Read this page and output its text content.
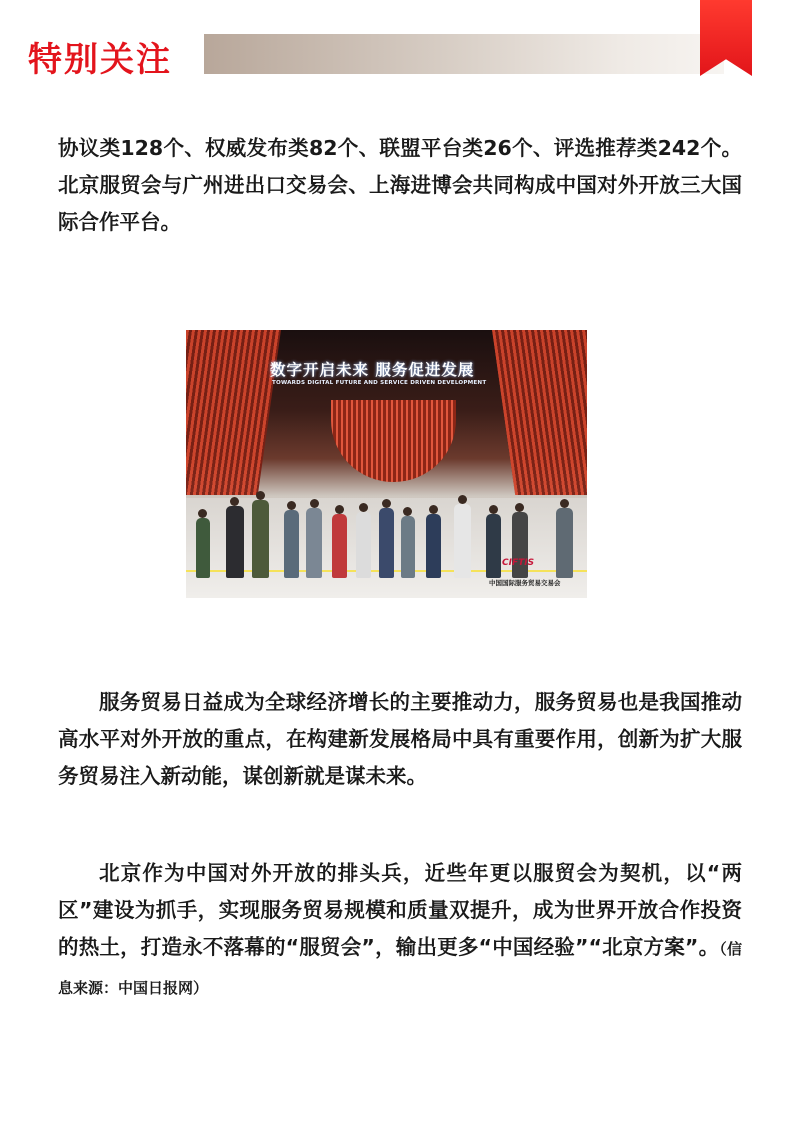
特别关注

协议类128个、权威发布类82个、联盟平台类26个、评选推荐类242个。北京服贸会与广州进出口交易会、上海进博会共同构成中国对外开放三大国际合作平台。

数字开启未来 服务促进发展
TOWARDS DIGITAL FUTURE AND SERVICE DRIVEN DEVELOPMENT
CIFTIS
中国国际服务贸易交易会

服务贸易日益成为全球经济增长的主要推动力，服务贸易也是我国推动高水平对外开放的重点，在构建新发展格局中具有重要作用，创新为扩大服务贸易注入新动能，谋创新就是谋未来。

北京作为中国对外开放的排头兵，近些年更以服贸会为契机，以“两区”建设为抓手，实现服务贸易规模和质量双提升，成为世界开放合作投资的热土，打造永不落幕的“服贸会”，输出更多“中国经验”“北京方案”。（信息来源：中国日报网）
